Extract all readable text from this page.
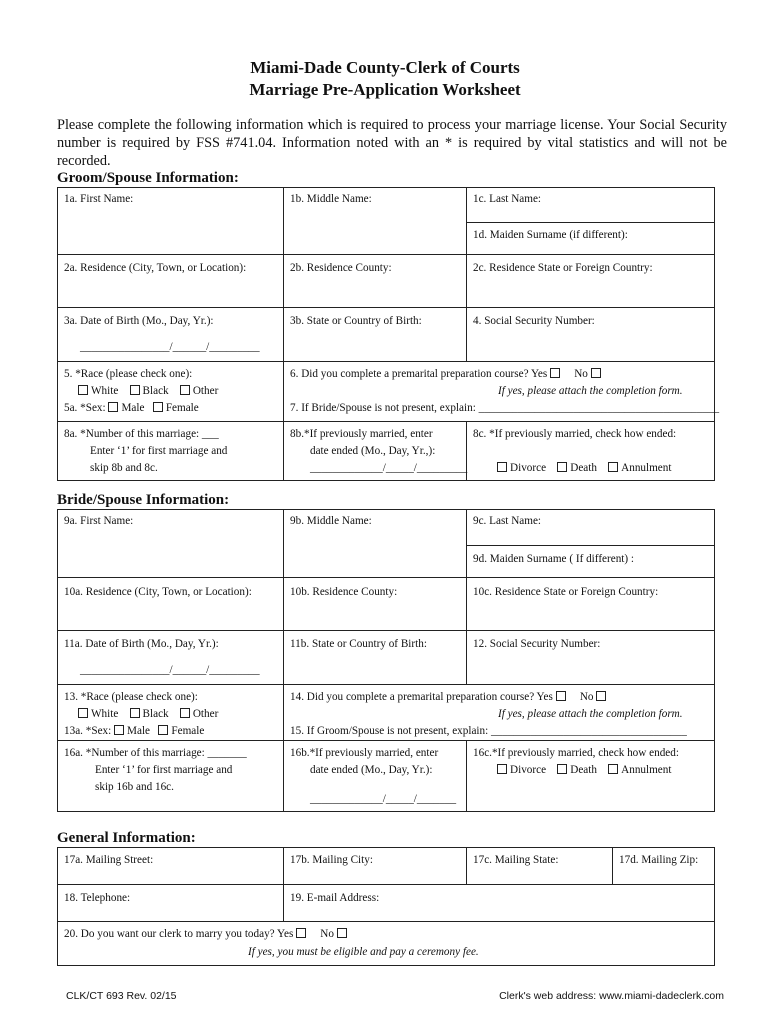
Miami-Dade County-Clerk of Courts
Marriage Pre-Application Worksheet
Please complete the following information which is required to process your marriage license. Your Social Security number is required by FSS #741.04. Information noted with an * is required by vital statistics and will not be recorded.
Groom/Spouse Information:
1a. First Name:	1b. Middle Name:	1c. Last Name:

		1d. Maiden Surname (if different):

2a. Residence (City, Town, or Location):	2b. Residence County:	2c. Residence State or Foreign Country:

3a. Date of Birth (Mo., Day, Yr.):
________________/______/_________	3b. State or Country of Birth:	4. Social Security Number:

5. *Race (please check one):
White Black Other
5a. *Sex: Male Female	6. Did you complete a premarital preparation course? Yes No
If yes, please attach the completion form.
7. If Bride/Spouse is not present, explain: ___________________________________________	

8a. *Number of this marriage: ___
Enter ‘1’ for first marriage and
skip 8b and 8c.	8b.*If previously married, enter
date ended (Mo., Day, Yr.,):
_____________/_____/_________	8c. *If previously married, check how ended:
Divorce Death Annulment
Bride/Spouse Information:
9a. First Name:	9b. Middle Name:	9c. Last Name:

		9d. Maiden Surname ( If different) :

10a. Residence (City, Town, or Location):	10b. Residence County:	10c. Residence State or Foreign Country:

11a. Date of Birth (Mo., Day, Yr.):
________________/______/_________	11b. State or Country of Birth:	12. Social Security Number:

13. *Race (please check one):
White Black Other
13a. *Sex: Male Female	14. Did you complete a premarital preparation course? Yes No
If yes, please attach the completion form.
15. If Groom/Spouse is not present, explain: ___________________________________	

16a. *Number of this marriage: _______
Enter ‘1’ for first marriage and
skip 16b and 16c.	16b.*If previously married, enter
date ended (Mo., Day, Yr.):
_____________/_____/_______	16c.*If previously married, check how ended:
Divorce Death Annulment
General Information:
17a. Mailing Street:	17b. Mailing City:	17c. Mailing State:	17d. Mailing Zip:

18. Telephone:	19. E-mail Address:		

20. Do you want our clerk to marry you today? Yes No
If yes, you must be eligible and pay a ceremony fee.			
CLK/CT 693 Rev. 02/15	Clerk's web address: www.miami-dadeclerk.com
